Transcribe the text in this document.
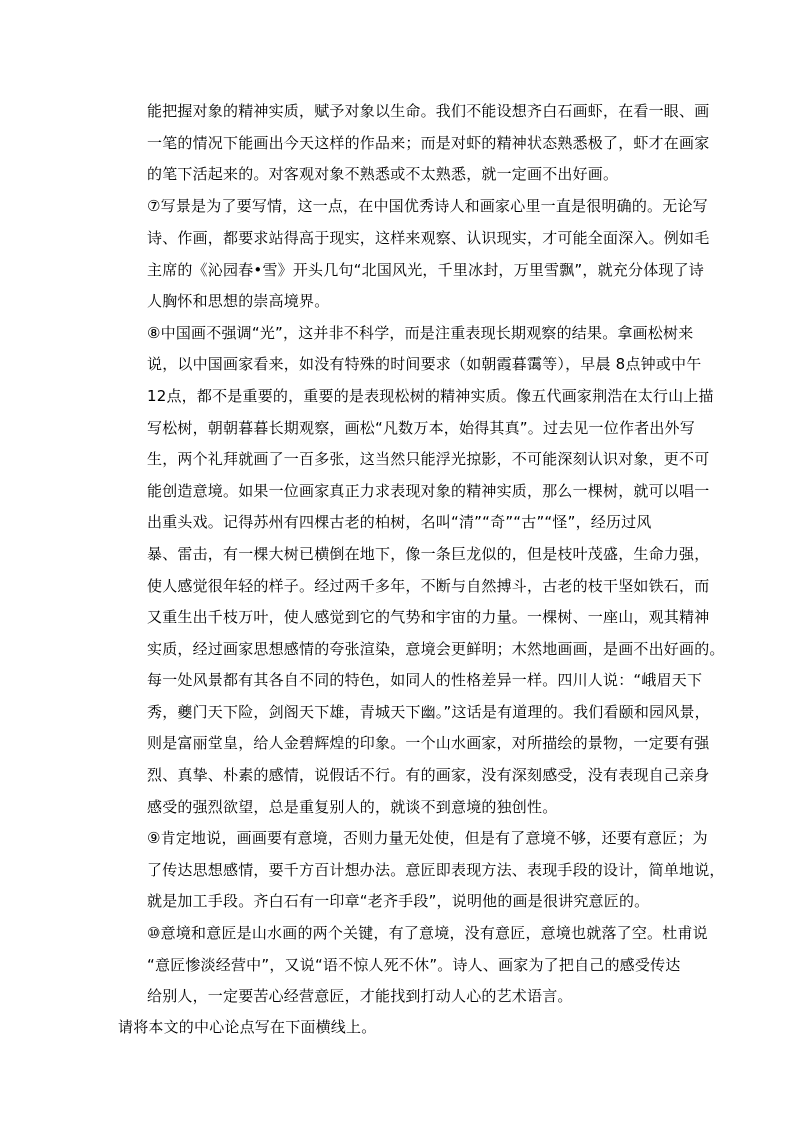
能把握对象的精神实质，赋予对象以生命。我们不能设想齐白石画虾，在看一眼、画
一笔的情况下能画出今天这样的作品来；而是对虾的精神状态熟悉极了，虾才在画家
的笔下活起来的。对客观对象不熟悉或不太熟悉，就一定画不出好画。
⑦写景是为了要写情，这一点，在中国优秀诗人和画家心里一直是很明确的。无论写
诗、作画，都要求站得高于现实，这样来观察、认识现实，才可能全面深入。例如毛
主席的《沁园春•雪》开头几句“北国风光，千里冰封，万里雪飘”，就充分体现了诗
人胸怀和思想的崇高境界。
⑧中国画不强调“光”，这并非不科学，而是注重表现长期观察的结果。拿画松树来
说，以中国画家看来，如没有特殊的时间要求（如朝霞暮霭等），早晨 8点钟或中午
12点，都不是重要的，重要的是表现松树的精神实质。像五代画家荆浩在太行山上描
写松树，朝朝暮暮长期观察，画松“凡数万本，始得其真”。过去见一位作者出外写
生，两个礼拜就画了一百多张，这当然只能浮光掠影，不可能深刻认识对象，更不可
能创造意境。如果一位画家真正力求表现对象的精神实质，那么一棵树，就可以唱一
出重头戏。记得苏州有四棵古老的柏树，名叫“清”“奇”“古”“怪”，经历过风
暴、雷击，有一棵大树已横倒在地下，像一条巨龙似的，但是枝叶茂盛，生命力强，
使人感觉很年轻的样子。经过两千多年，不断与自然搏斗，古老的枝干坚如铁石，而
又重生出千枝万叶，使人感觉到它的气势和宇宙的力量。一棵树、一座山，观其精神
实质，经过画家思想感情的夸张渲染，意境会更鲜明；木然地画画，是画不出好画的。
每一处风景都有其各自不同的特色，如同人的性格差异一样。四川人说：“峨眉天下
秀，夔门天下险，剑阁天下雄，青城天下幽。”这话是有道理的。我们看颐和园风景，
则是富丽堂皇，给人金碧辉煌的印象。一个山水画家，对所描绘的景物，一定要有强
烈、真挚、朴素的感情，说假话不行。有的画家，没有深刻感受，没有表现自己亲身
感受的强烈欲望，总是重复别人的，就谈不到意境的独创性。
⑨肯定地说，画画要有意境，否则力量无处使，但是有了意境不够，还要有意匠；为
了传达思想感情，要千方百计想办法。意匠即表现方法、表现手段的设计，简单地说，
就是加工手段。齐白石有一印章“老齐手段”，说明他的画是很讲究意匠的。
⑩意境和意匠是山水画的两个关键，有了意境，没有意匠，意境也就落了空。杜甫说
“意匠惨淡经营中”，又说“语不惊人死不休”。诗人、画家为了把自己的感受传达
给别人，一定要苦心经营意匠，才能找到打动人心的艺术语言。
请将本文的中心论点写在下面横线上。
